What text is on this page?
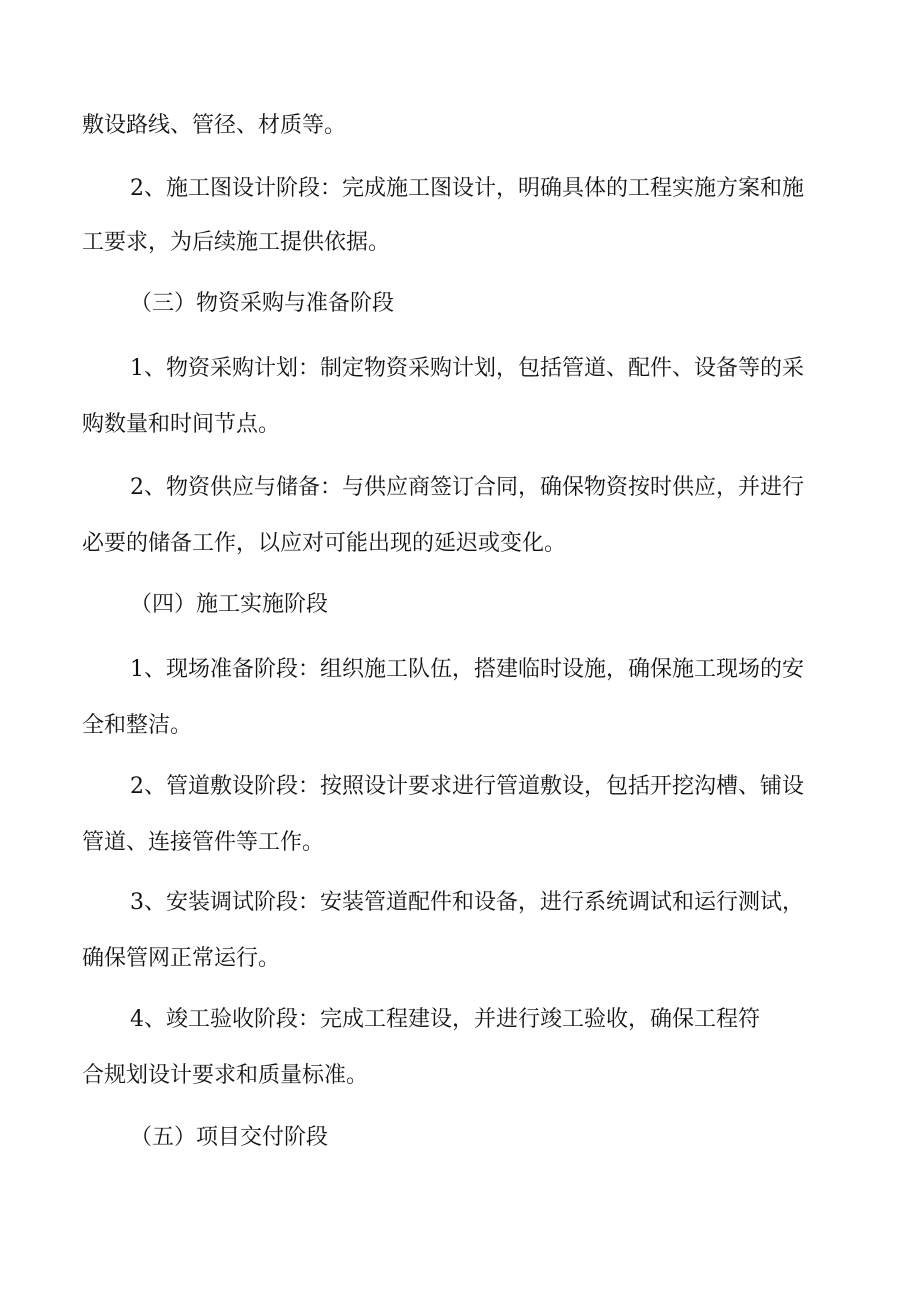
敷设路线、管径、材质等。
2、施工图设计阶段：完成施工图设计，明确具体的工程实施方案和施
工要求，为后续施工提供依据。
（三）物资采购与准备阶段
1、物资采购计划：制定物资采购计划，包括管道、配件、设备等的采
购数量和时间节点。
2、物资供应与储备：与供应商签订合同，确保物资按时供应，并进行
必要的储备工作，以应对可能出现的延迟或变化。
（四）施工实施阶段
1、现场准备阶段：组织施工队伍，搭建临时设施，确保施工现场的安
全和整洁。
2、管道敷设阶段：按照设计要求进行管道敷设，包括开挖沟槽、铺设
管道、连接管件等工作。
3、安装调试阶段：安装管道配件和设备，进行系统调试和运行测试，
确保管网正常运行。
4、竣工验收阶段：完成工程建设，并进行竣工验收，确保工程符
合规划设计要求和质量标准。
（五）项目交付阶段
